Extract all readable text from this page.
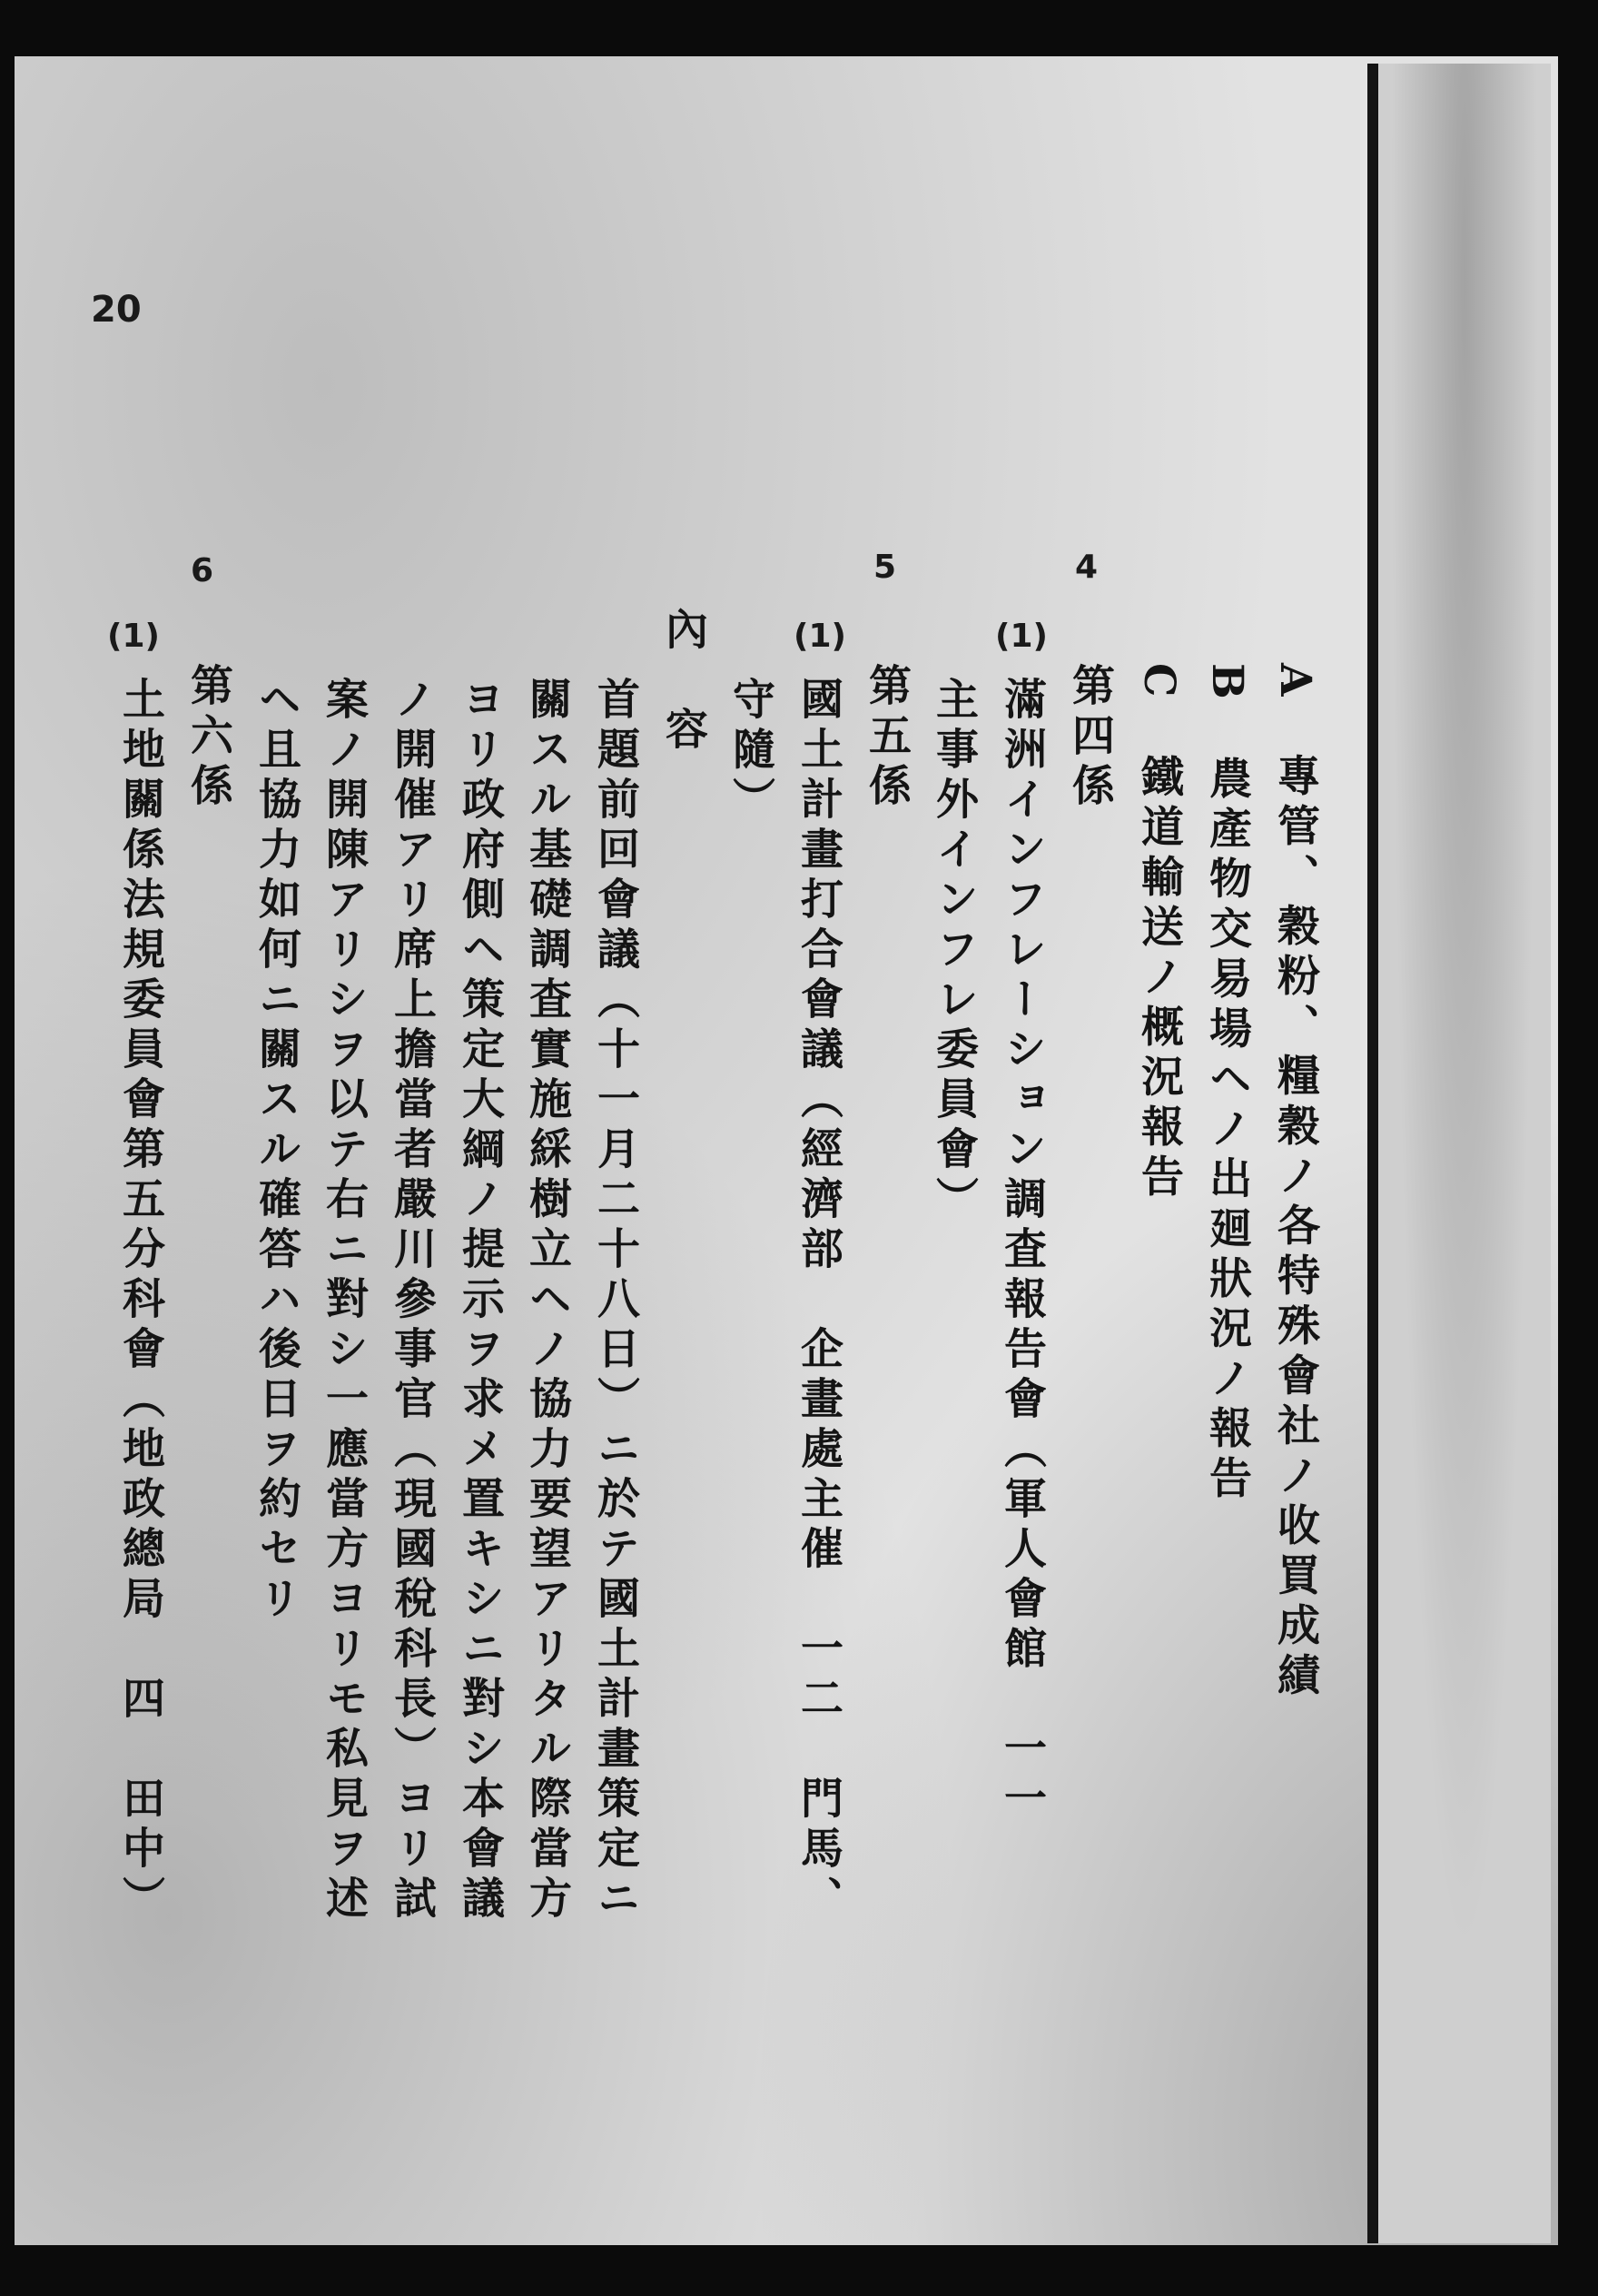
20
4
5
6
(1)
(1)
(1)
A　專管、穀粉、糧穀ノ各特殊會社ノ收買成績
B　農產物交易場ヘノ出廻狀況ノ報告
C　鐵道輸送ノ概況報告
第四係
滿洲インフレーション調査報告會（軍人會館　一一
主事外インフレ委員會）
第五係
國土計畫打合會議（經濟部　企畫處主催　一二　門馬、
守隨）
內　容
首題前回會議（十一月二十八日）ニ於テ國土計畫策定ニ
關スル基礎調査實施綵樹立ヘノ協力要望アリタル際當方
ヨリ政府側ヘ策定大綱ノ提示ヲ求メ置キシニ對シ本會議
ノ開催アリ席上擔當者嚴川參事官（現國稅科長）ヨリ試
案ノ開陳アリシヲ以テ右ニ對シ一應當方ヨリモ私見ヲ述
ヘ且協力如何ニ關スル確答ハ後日ヲ約セリ
第六係
土地關係法規委員會第五分科會（地政總局　四　田中）
